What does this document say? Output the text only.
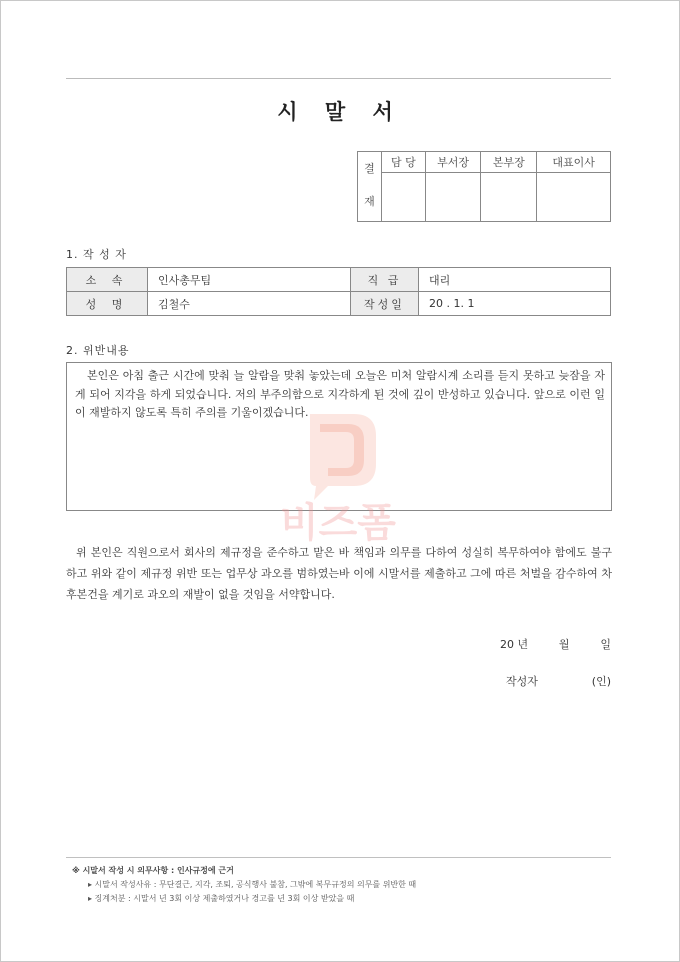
시 말 서
결
재	담 당	부서장	본부장	대표이사

1. 작 성 자
소 속	인사총무팀	직 급	대리
성 명	김철수	작성일	20 . 1. 1
2. 위반내용
본인은 아침 출근 시간에 맞춰 늘 알람을 맞춰 놓았는데 오늘은 미처 알람시계 소리를 듣지 못하고 늦잠을 자게 되어 지각을 하게 되었습니다. 저의 부주의함으로 지각하게 된 것에 깊이 반성하고 있습니다. 앞으로 이런 일이 재발하지 않도록 특히 주의를 기울이겠습니다.
비즈폼
위 본인은 직원으로서 회사의 제규정을 준수하고 맡은 바 책임과 의무를 다하여 성실히 복무하여야 함에도 불구하고 위와 같이 제규정 위반 또는 업무상 과오를 범하였는바 이에 시말서를 제출하고 그에 따른 처벌을 감수하여 차후본건을 계기로 과오의 재발이 없을 것임을 서약합니다.
20 년	월	일
작성자	(인)
※ 시말서 작성 시 의무사항 : 인사규정에 근거
▸ 시말서 작성사유 : 무단결근, 지각, 조퇴, 공식행사 불참, 그밖에 복무규정의 의무를 위반한 때
▸ 징계처분 : 시말서 년 3회 이상 제출하였거나 경고를 년 3회 이상 받았을 때
